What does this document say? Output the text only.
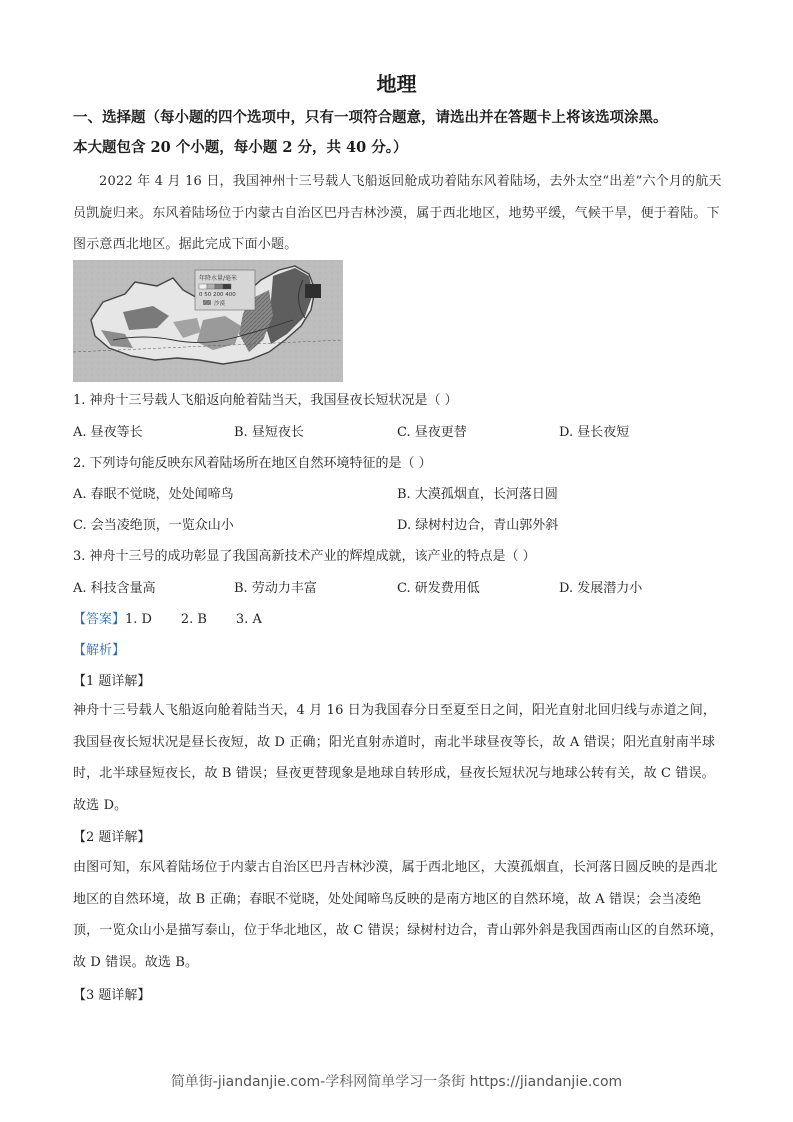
地理
一、选择题（每小题的四个选项中，只有一项符合题意，请选出并在答题卡上将该选项涂黑。
本大题包含 20 个小题，每小题 2 分，共 40 分。）
2022 年 4 月 16 日，我国神州十三号载人飞船返回舱成功着陆东风着陆场，去外太空“出差”六个月的航天员凯旋归来。东风着陆场位于内蒙古自治区巴丹吉林沙漠，属于西北地区，地势平缓，气候干旱，便于着陆。下图示意西北地区。据此完成下面小题。
年降水量/毫米
0 50 200 400
沙漠
1. 神舟十三号载人飞船返向舱着陆当天，我国昼夜长短状况是（ ）
A. 昼夜等长	B. 昼短夜长	C. 昼夜更替	D. 昼长夜短
2. 下列诗句能反映东风着陆场所在地区自然环境特征的是（ ）
A. 春眠不觉晓，处处闻啼鸟	B. 大漠孤烟直，长河落日圆
C. 会当凌绝顶，一览众山小	D. 绿树村边合，青山郭外斜
3. 神舟十三号的成功彰显了我国高新技术产业的辉煌成就，该产业的特点是（ ）
A. 科技含量高	B. 劳动力丰富	C. 研发费用低	D. 发展潜力小
【答案】1. D       2. B       3. A
【解析】
【1 题详解】
神舟十三号载人飞船返向舱着陆当天，4 月 16 日为我国春分日至夏至日之间，阳光直射北回归线与赤道之间，我国昼夜长短状况是昼长夜短，故 D 正确；阳光直射赤道时，南北半球昼夜等长，故 A 错误；阳光直射南半球时，北半球昼短夜长，故 B 错误；昼夜更替现象是地球自转形成，昼夜长短状况与地球公转有关，故 C 错误。故选 D。
【2 题详解】
由图可知，东风着陆场位于内蒙古自治区巴丹吉林沙漠，属于西北地区，大漠孤烟直，长河落日圆反映的是西北地区的自然环境，故 B 正确；春眠不觉晓，处处闻啼鸟反映的是南方地区的自然环境，故 A 错误；会当凌绝顶，一览众山小是描写泰山，位于华北地区，故 C 错误；绿树村边合，青山郭外斜是我国西南山区的自然环境，故 D 错误。故选 B。
【3 题详解】
简单街-jiandanjie.com-学科网简单学习一条街 https://jiandanjie.com
